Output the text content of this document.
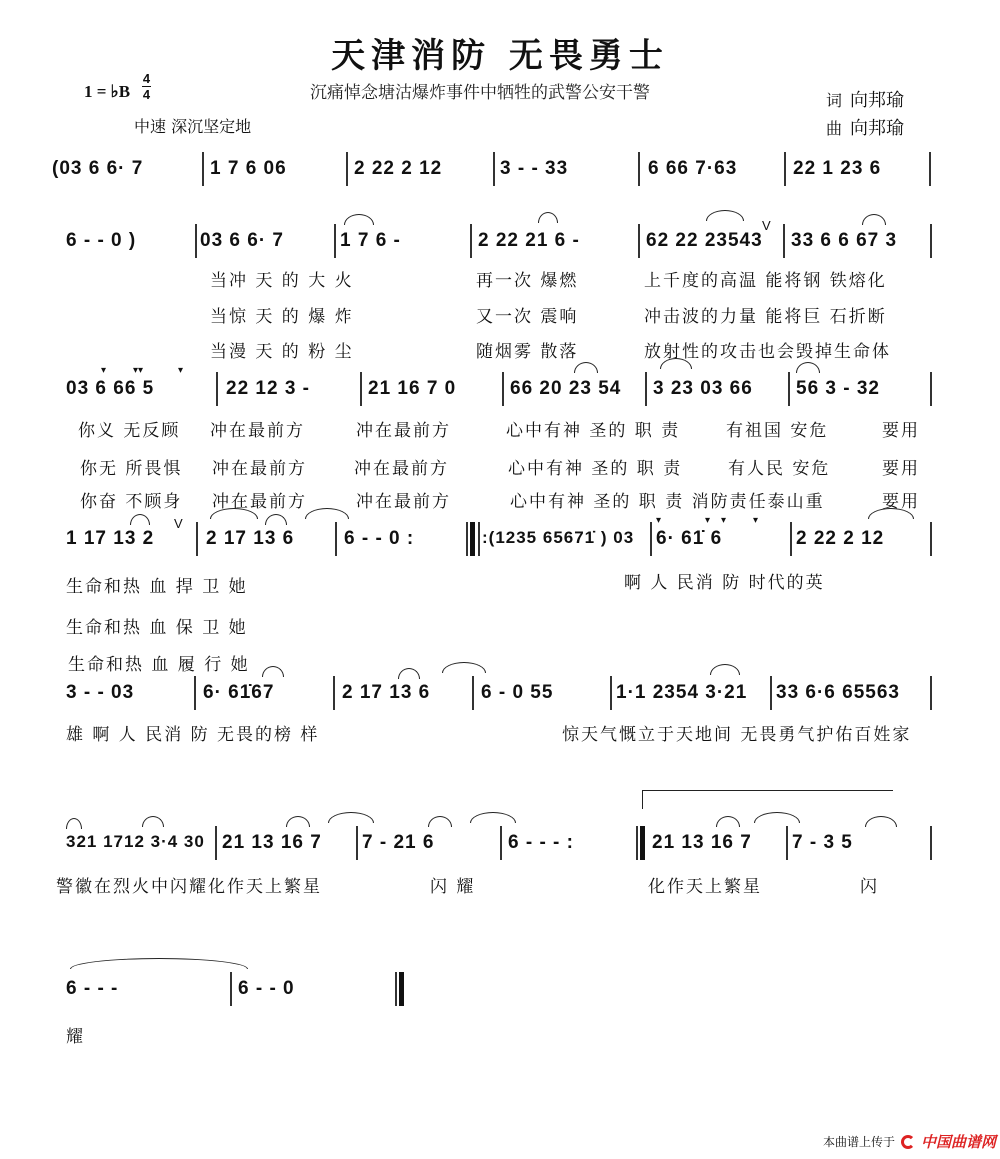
天津消防 无畏勇士
沉痛悼念塘沽爆炸事件中牺牲的武警公安干警
1 = ♭B
4
4
中速 深沉坚定地
词 向邦瑜
曲 向邦瑜
(03 6 6· 7	1 7 6 06	2 22 2 12	3 - - 33	6 66 7·63	22 1 23 6
6 - - 0 )	03 6 6· 7	1 7 6 -	2 22 21 6 -
V
62 22 23543 33 6 6 67 3
当冲 天 的 大 火	再一次 爆燃	上千度的高温 能将钢 铁熔化
当惊 天 的 爆 炸	又一次 震响	冲击波的力量 能将巨 石折断
当漫 天 的 粉 尘	随烟雾 散落	放射性的攻击也会毁掉生命体
▾	▾▾	▾
03 6 66 5	22 12 3 -	21 16 7 0	66 20 23 54 3 23 03 66 56 3 - 32
你义 无反顾 冲在最前方	冲在最前方	心中有神 圣的 职 责	有祖国 安危	要用
你无 所畏惧 冲在最前方	冲在最前方	心中有神 圣的 职 责	有人民 安危	要用
你奋 不顾身 冲在最前方	冲在最前方	心中有神 圣的 职 责 消防责任泰山重	要用
V
1 17 13 2	2 17 13 6	6 - - 0 :	:(1235 65671̇ ) 03
▾	▾ ▾	▾
6· 61̇ 6	2 22 2 12
生命和热 血 捍 卫 她	啊 人 民消 防 时代的英
生命和热 血 保 卫 她
生命和热 血 履 行 她
3 - - 03	6· 61̇67	2 17 13 6	6 - 0 55	1·1 2354 3·21 33 6·6 65563
雄 啊 人 民消 防 无畏的榜 样	惊天气慨立于天地间 无畏勇气护佑百姓家
321 1712 3·4 30 21 13 16 7 7 - 21 6	6 - - - :	21 13 16 7 7 - 3 5
警徽在烈火中闪耀化作天上繁星	闪 耀	化作天上繁星	闪
6 - - -	6 - - 0
耀
本曲谱上传于 中国曲谱网
